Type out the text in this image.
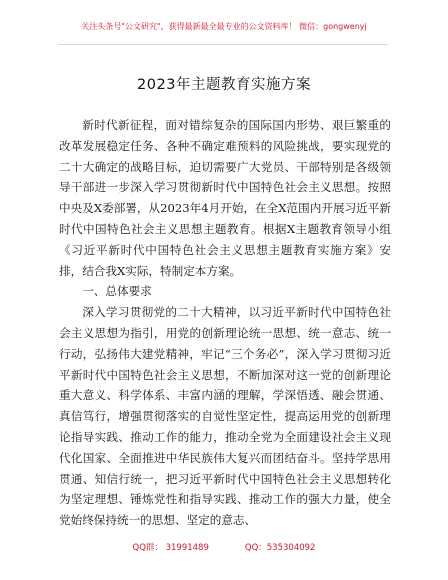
关注头条号"公文研究"，获得最新最全最专业的公文资料库！ 微信：gongwenyj
2023年主题教育实施方案

新时代新征程，面对错综复杂的国际国内形势、艰巨繁重的改革发展稳定任务、各种不确定难预料的风险挑战，要实现党的二十大确定的战略目标，迫切需要广大党员、干部特别是各级领导干部进一步深入学习贯彻新时代中国特色社会主义思想。按照中央及X委部署，从2023年4月开始，在全X范围内开展习近平新时代中国特色社会主义思想主题教育。根据X主题教育领导小组《习近平新时代中国特色社会主义思想主题教育实施方案》安排，结合我X实际，特制定本方案。

一、总体要求

深入学习贯彻党的二十大精神，以习近平新时代中国特色社会主义思想为指引，用党的创新理论统一思想、统一意志、统一行动，弘扬伟大建党精神，牢记“三个务必”，深入学习贯彻习近平新时代中国特色社会主义思想，不断加深对这一党的创新理论重大意义、科学体系、丰富内涵的理解，学深悟透、融会贯通、真信笃行，增强贯彻落实的自觉性坚定性，提高运用党的创新理论指导实践、推动工作的能力，推动全党为全面建设社会主义现代化国家、全面推进中华民族伟大复兴而团结奋斗。坚持学思用贯通、知信行统一，把习近平新时代中国特色社会主义思想转化为坚定理想、锤炼党性和指导实践、推动工作的强大力量，使全党始终保持统一的思想、坚定的意志、

QQ群： 31991489	QQ：535304092
